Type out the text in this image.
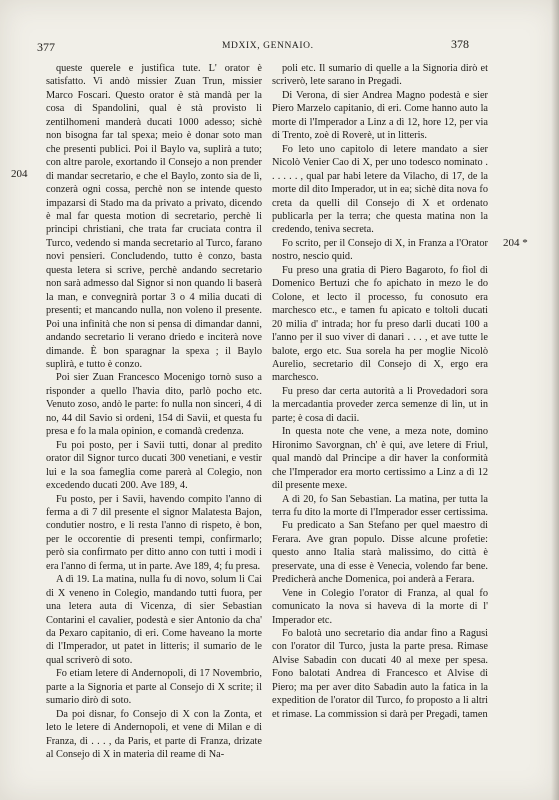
377	MDXIX, GENNAIO.	378
204
204 *

queste querele e justifica tute. L' orator è satisfatto. Vi andò missier Zuan Trun, missier Marco Foscari. Questo orator è stà mandà per la cosa di Spandolini, qual è stà provisto li zentilhomeni manderà ducati 1000 adesso; sichè non bisogna far tal spexa; meio è donar soto man che presenti publici. Poi il Baylo va, suplirà a tuto; con altre parole, exortando il Consejo a non prender di mandar secretario, e che el Baylo, zonto sia de lì, conzerà ogni cossa, perchè non se intende questo impazarsi di Stado ma da privato a privato, dicendo è mal far questa motion di secretario, perchè li principi christiani, che trata far cruciata contra il Turco, vedendo si manda secretario al Turco, farano novi pensieri. Concludendo, tutto è conzo, basta questa letera si scrive, perchè andando secretario non sarà admesso dal Signor si non quando li baserà la man, e convegnirà portar 3 o 4 milia ducati di presenti; et mancando nulla, non voleno il presente. Poi una infinità che non si pensa di dimandar danni, andando secretario li verano driedo e inciterà nove dimande. È bon sparagnar la spexa ; il Baylo suplirà, e tutto è conzo.

Poi sier Zuan Francesco Mocenigo tornò suso a risponder a quello l'havia dito, parlò pocho etc. Venuto zoso, andò le parte: fo nulla non sinceri, 4 di no, 44 dil Savio si ordeni, 154 di Savii, et questa fu presa e fo la mala opinion, e comandà credenza.

Fu poi posto, per i Savii tutti, donar al predito orator dil Signor turco ducati 300 venetiani, e vestir lui e la soa fameglia come parerà al Colegio, non excedendo ducati 200. Ave 189, 4.

Fu posto, per i Savii, havendo compito l'anno di ferma a dì 7 dil presente el signor Malatesta Bajon, condutier nostro, e li resta l'anno di rispeto, è bon, per le occorentie di presenti tempi, confirmarlo; però sia confirmato per ditto anno con tutti i modi i era l'anno di ferma, ut in parte. Ave 189, 4; fu presa.

A dì 19. La matina, nulla fu di novo, solum li Cai di X veneno in Colegio, mandando tutti fuora, per una letera auta di Vicenza, di sier Sebastian Contarini el cavalier, podestà e sier Antonio da cha' da Pexaro capitanio, di eri. Come haveano la morte di l'Imperador, ut patet in litteris; il sumario de le qual scriverò di soto.

Fo etiam letere di Andernopoli, di 17 Novembrio, parte a la Signoria et parte al Consejo di X scrite; il sumario dirò di soto.

Da poi disnar, fo Consejo di X con la Zonta, et leto le letere di Andernopoli, et vene di Milan e di Franza, di . . . , da Paris, et parte di Franza, drizate al Consejo di X in materia dil reame di Na-

poli etc. Il sumario di quelle a la Signoria dirò et scriverò, lete sarano in Pregadi.

Di Verona, di sier Andrea Magno podestà e sier Piero Marzelo capitanio, di eri. Come hanno auto la morte di l'Imperador a Linz a dì 12, hore 12, per via di Trento, zoè di Roverè, ut in litteris.

Fo leto uno capitolo di letere mandato a sier Nicolò Venier Cao di X, per uno todesco nominato . . . . . . , qual par habi letere da Vilacho, di 17, de la morte dil dito Imperador, ut in ea; sichè dita nova fo creta da quelli dil Consejo di X et ordenato publicarla per la terra; che questa matina non la credendo, teniva secreta.

Fo scrito, per il Consejo di X, in Franza a l'Orator nostro, nescio quid.

Fu preso una gratia di Piero Bagaroto, fo fiol di Domenico Bertuzi che fo apichato in mezo le do Colone, et lecto il processo, fu conosuto era marchesco etc., e tamen fu apicato e toltoli ducati 20 milia d' intrada; hor fu preso darli ducati 100 a l'anno per il suo viver di danari . . . , et ave tutte le balote, ergo etc. Sua sorela ha per moglie Nicolò Aurelio, secretario dil Consejo di X, ergo era marchesco.

Fu preso dar certa autorità a li Provedadori sora la mercadantia proveder zerca semenze di lin, ut in parte; è cosa di dacii.

In questa note che vene, a meza note, domino Hironimo Savorgnan, ch' è qui, ave letere di Friul, qual mandò dal Principe a dir haver la conformità che l'Imperador era morto certissimo a Linz a dì 12 dil presente mexe.

A dì 20, fo San Sebastian. La matina, per tutta la terra fu dito la morte di l'Imperador esser certissima.

Fu predicato a San Stefano per quel maestro di Ferara. Ave gran populo. Disse alcune profetie: questo anno Italia starà malissimo, do città è preservate, una di esse è Venecia, volendo far bene. Predicherà anche Domenica, poi anderà a Ferara.

Vene in Colegio l'orator di Franza, al qual fo comunicato la nova si haveva di la morte di l' Imperador etc.

Fo balotà uno secretario dia andar fino a Ragusi con l'orator dil Turco, justa la parte presa. Rimase Alvise Sabadin con ducati 40 al mexe per spesa. Fono balotati Andrea di Francesco et Alvise di Piero; ma per aver dito Sabadin auto la fatica in la expedition de l'orator dil Turco, fo proposto a li altri et rimase. La commission si darà per Pregadi, tamen
